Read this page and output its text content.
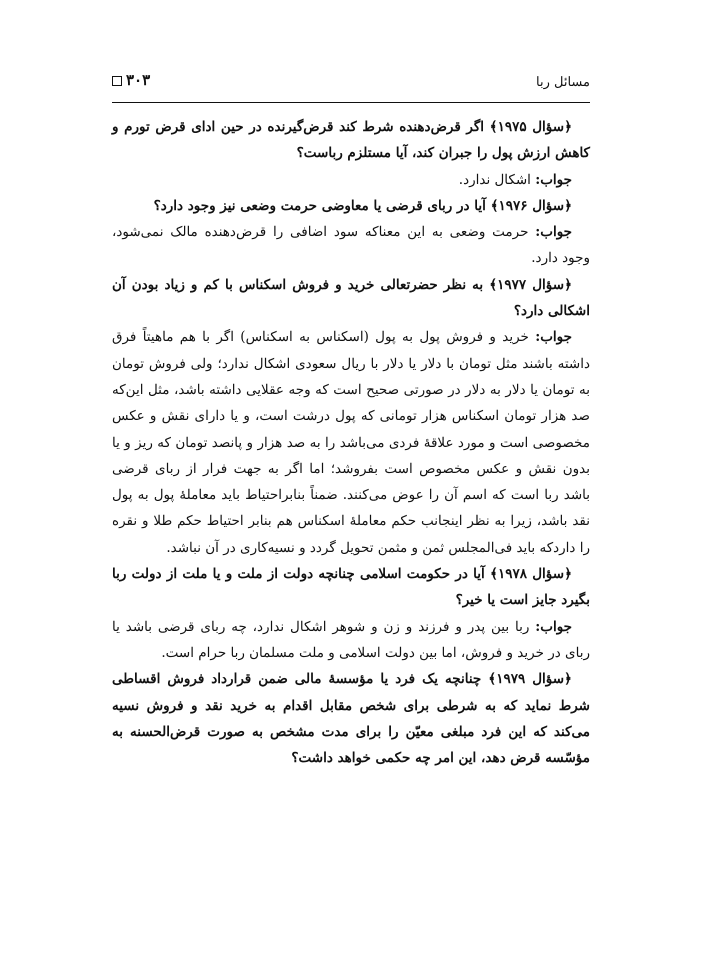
مسائل ربا
۳۰۳

﴿سؤال ۱۹۷۵﴾ اگر قرض‌دهنده شرط کند قرض‌گیرنده در حین ادای قرض تورم و کاهش ارزش پول را جبران کند، آیا مستلزم رباست؟

جواب: اشکال ندارد.

﴿سؤال ۱۹۷۶﴾ آیا در ربای قرضی یا معاوضی حرمت وضعی نیز وجود دارد؟

جواب: حرمت وضعی به این معناکه سود اضافی را قرض‌دهنده مالک نمی‌شود، وجود دارد.

﴿سؤال ۱۹۷۷﴾ به نظر حضرتعالی خرید و فروش اسکناس با کم و زیاد بودن آن اشکالی دارد؟

جواب: خرید و فروش پول به پول (اسکناس به اسکناس) اگر با هم ماهیتاً فرق داشته باشند مثل تومان با دلار یا دلار با ریال سعودی اشکال ندارد؛ ولی فروش تومان به تومان یا دلار به دلار در صورتی صحیح است که وجه عقلایی داشته باشد، مثل این‌که صد هزار تومان اسکناس هزار تومانی که پول درشت است، و یا دارای نقش و عکس مخصوصی است و مورد علاقهٔ فردی می‌باشد را به صد هزار و پانصد تومان که ریز و یا بدون نقش و عکس مخصوص است بفروشد؛ اما اگر به جهت فرار از ربای قرضی باشد ربا است که اسم آن را عوض می‌کنند. ضمناً بنابراحتیاط باید معاملهٔ پول به پول نقد باشد، زیرا به نظر اینجانب حکم معاملهٔ اسکناس هم بنابر احتیاط حکم طلا و نقره را داردکه باید فی‌المجلس ثمن و مثمن تحویل گردد و نسیه‌کاری در آن نباشد.

﴿سؤال ۱۹۷۸﴾ آیا در حکومت اسلامی چنانچه دولت از ملت و یا ملت از دولت ربا بگیرد جایز است یا خیر؟

جواب: ربا بین پدر و فرزند و زن و شوهر اشکال ندارد، چه ربای قرضی باشد یا ربای در خرید و فروش، اما بین دولت اسلامی و ملت مسلمان ربا حرام است.

﴿سؤال ۱۹۷۹﴾ چنانچه یک فرد یا مؤسسهٔ مالی ضمن قرارداد فروش اقساطی شرط نماید که به شرطی برای شخص مقابل اقدام به خرید نقد و فروش نسیه می‌کند که این فرد مبلغی معیّن را برای مدت مشخص به صورت قرض‌الحسنه به مؤسّسه قرض دهد، این امر چه حکمی خواهد داشت؟
